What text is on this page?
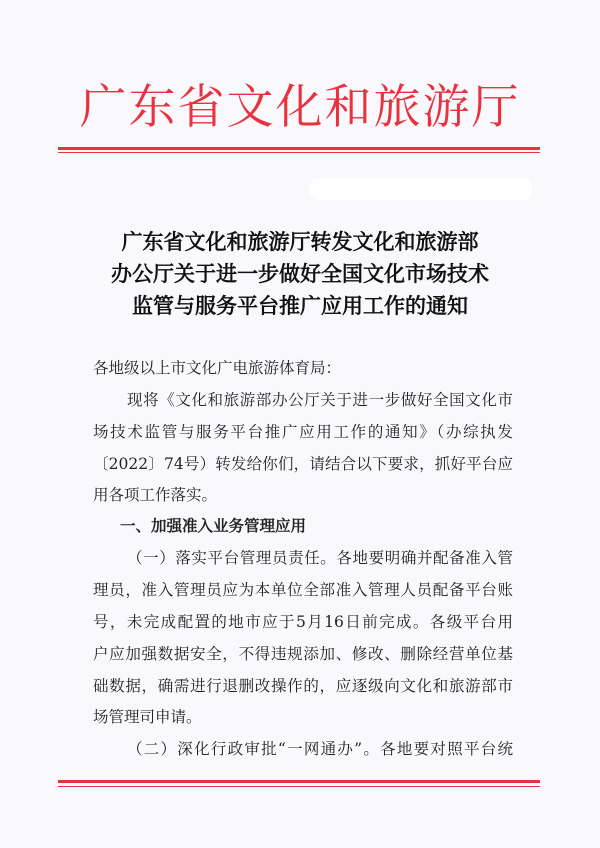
广东省文化和旅游厅
广东省文化和旅游厅转发文化和旅游部
办公厅关于进一步做好全国文化市场技术
监管与服务平台推广应用工作的通知
各地级以上市文化广电旅游体育局：
现将《文化和旅游部办公厅关于进一步做好全国文化市
场技术监管与服务平台推广应用工作的通知》（办综执发
〔2022〕74号）转发给你们，请结合以下要求，抓好平台应
用各项工作落实。
一、加强准入业务管理应用
（一）落实平台管理员责任。各地要明确并配备准入管
理员，准入管理员应为本单位全部准入管理人员配备平台账
号，未完成配置的地市应于5月16日前完成。各级平台用
户应加强数据安全，不得违规添加、修改、删除经营单位基
础数据，确需进行退删改操作的，应逐级向文化和旅游部市
场管理司申请。
（二）深化行政审批“一网通办”。各地要对照平台统
